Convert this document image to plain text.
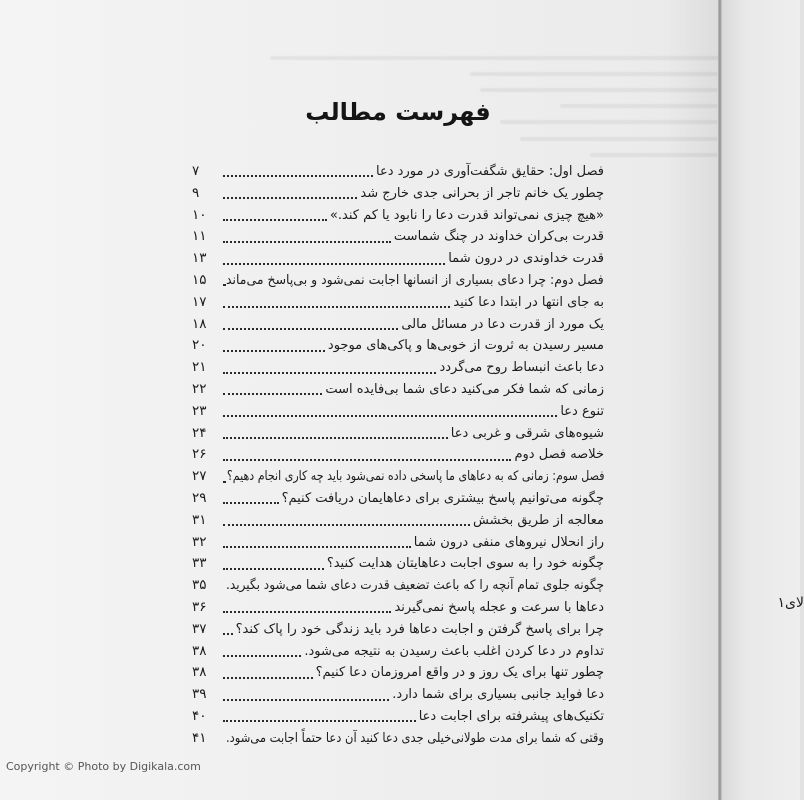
فهرست مطالب
فصل اول: حقایق شگفت‌آوری در مورد دعا
۷
چطور یک خانم تاجر از بحرانی جدی خارج شد
۹
«هیچ چیزی نمی‌تواند قدرت دعا را نابود یا کم کند.»
۱۰
قدرت بی‌کران خداوند در چنگ شماست
۱۱
قدرت خداوندی در درون شما
۱۳
فصل دوم: چرا دعای بسیاری از انسانها اجابت نمی‌شود و بی‌پاسخ می‌ماند
۱۵
به جای انتها در ابتدا دعا کنید
۱۷
یک مورد از قدرت دعا در مسائل مالی
۱۸
مسیر رسیدن به ثروت از خوبی‌ها و پاکی‌های موجود
۲۰
دعا باعث انبساط روح می‌گردد
۲۱
زمانی که شما فکر می‌کنید دعای شما بی‌فایده است
۲۲
تنوع دعا
۲۳
شیوه‌های شرقی و غربی دعا
۲۴
خلاصه فصل دوم
۲۶
فصل سوم: زمانی که به دعاهای ما پاسخی داده نمی‌شود باید چه کاری انجام دهیم؟
۲۷
چگونه می‌توانیم پاسخ بیشتری برای دعاهایمان دریافت کنیم؟
۲۹
معالجه از طریق بخشش
۳۱
راز انحلال نیروهای منفی درون شما
۳۲
چگونه خود را به سوی اجابت دعاهایتان هدایت کنید؟
۳۳
چگونه جلوی تمام آنچه را که باعث تضعیف قدرت دعای شما می‌شود بگیرید.
۳۵
دعاها با سرعت و عجله پاسخ نمی‌گیرند
۳۶
چرا برای پاسخ گرفتن و اجابت دعاها فرد باید زندگی خود را پاک کند؟
۳۷
تداوم در دعا کردن اغلب باعث رسیدن به نتیجه می‌شود.
۳۸
چطور تنها برای یک روز و در واقع امروزمان دعا کنیم؟
۳۸
دعا فواید جانبی بسیاری برای شما دارد.
۳۹
تکنیک‌های پیشرفته برای اجابت دعا
۴۰
وقتی که شما برای مدت طولانی‌خیلی جدی دعا کنید آن دعا حتماً اجابت می‌شود.
۴۱
لای۱
Copyright © Photo by Digikala.com
